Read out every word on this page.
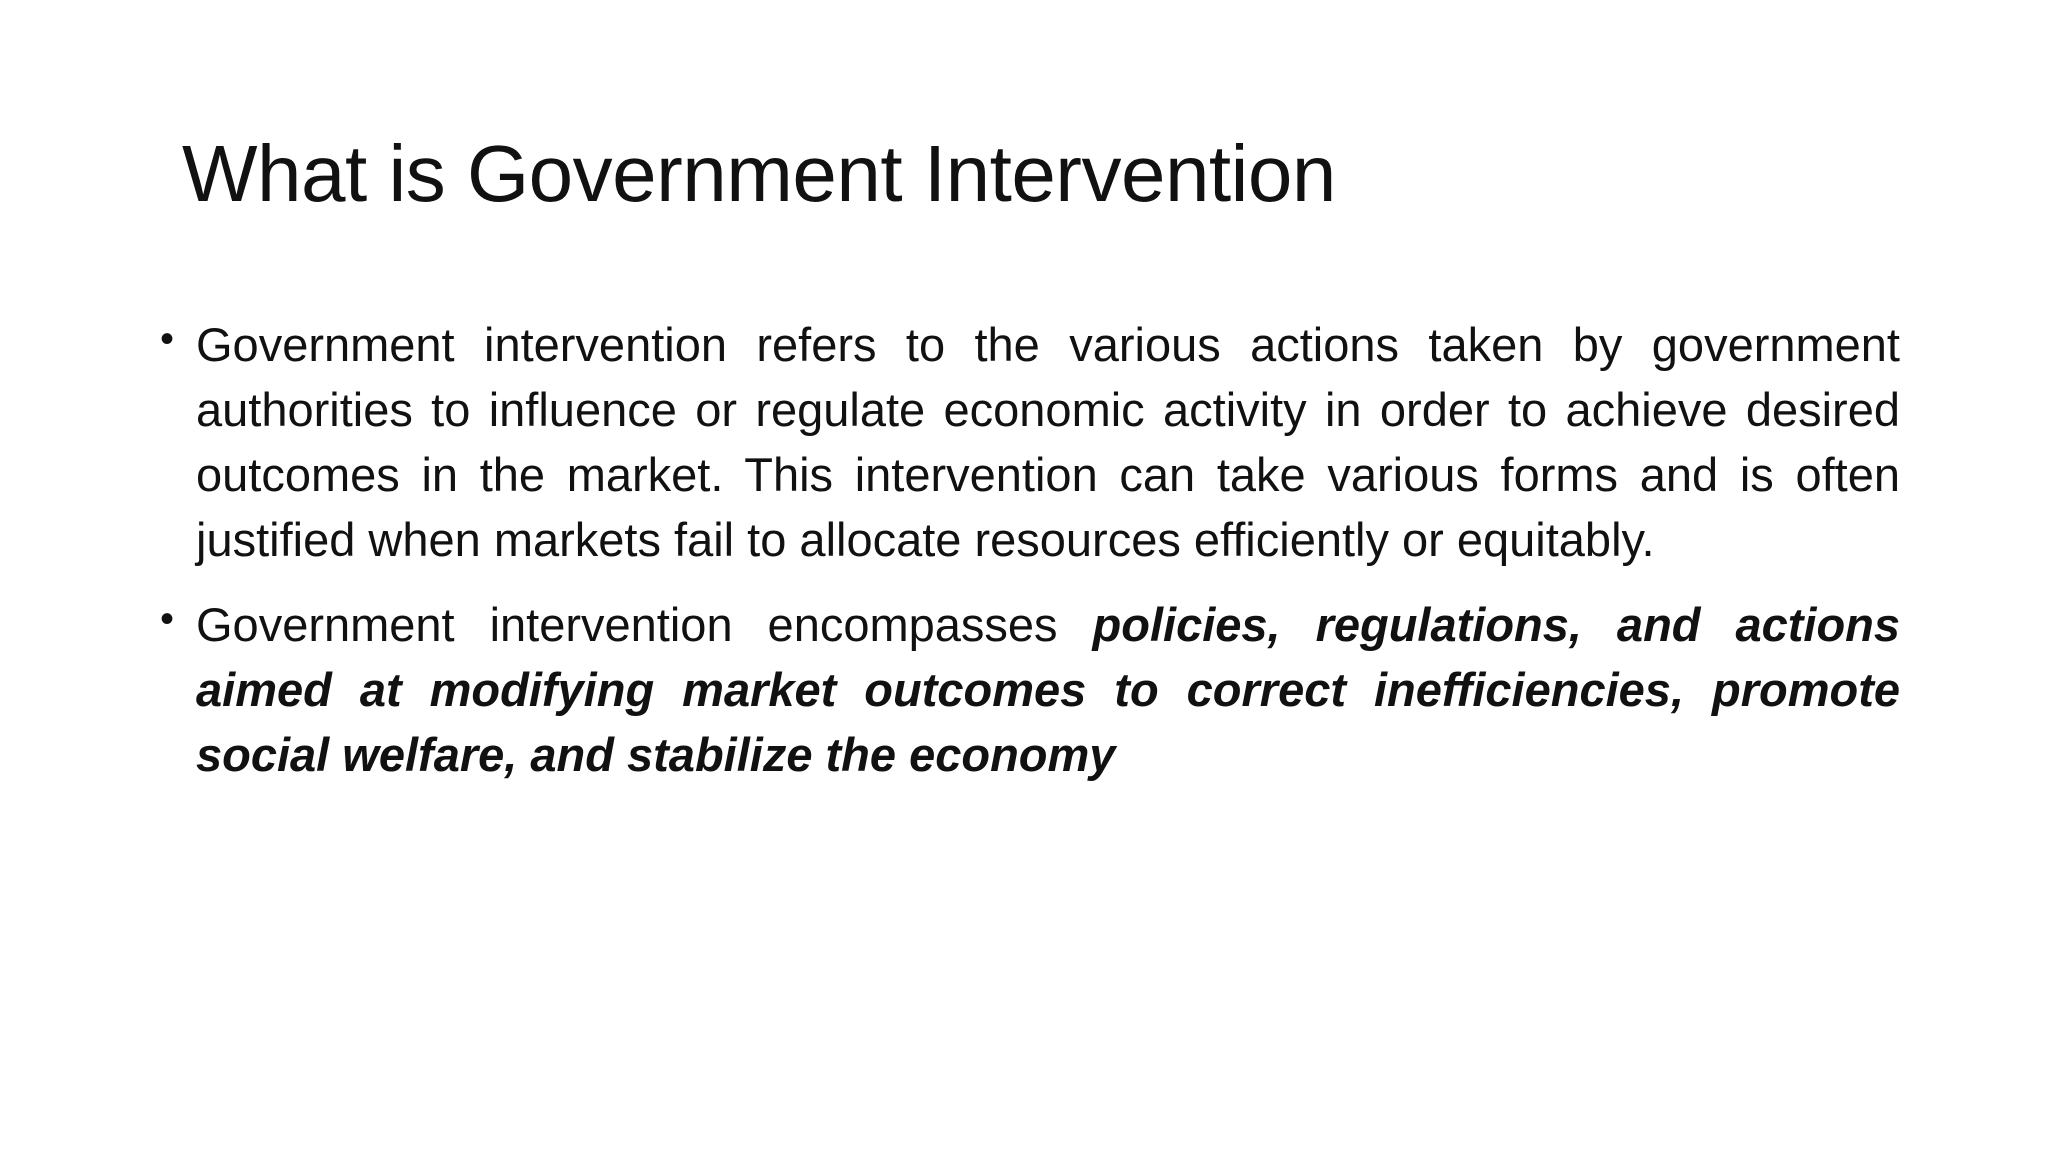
What is Government Intervention
• Government intervention refers to the various actions taken by government authorities to influence or regulate economic activity in order to achieve desired outcomes in the market. This intervention can take various forms and is often justified when markets fail to allocate resources efficiently or equitably.
• Government intervention encompasses policies, regulations, and actions aimed at modifying market outcomes to correct inefficiencies, promote social welfare, and stabilize the economy
